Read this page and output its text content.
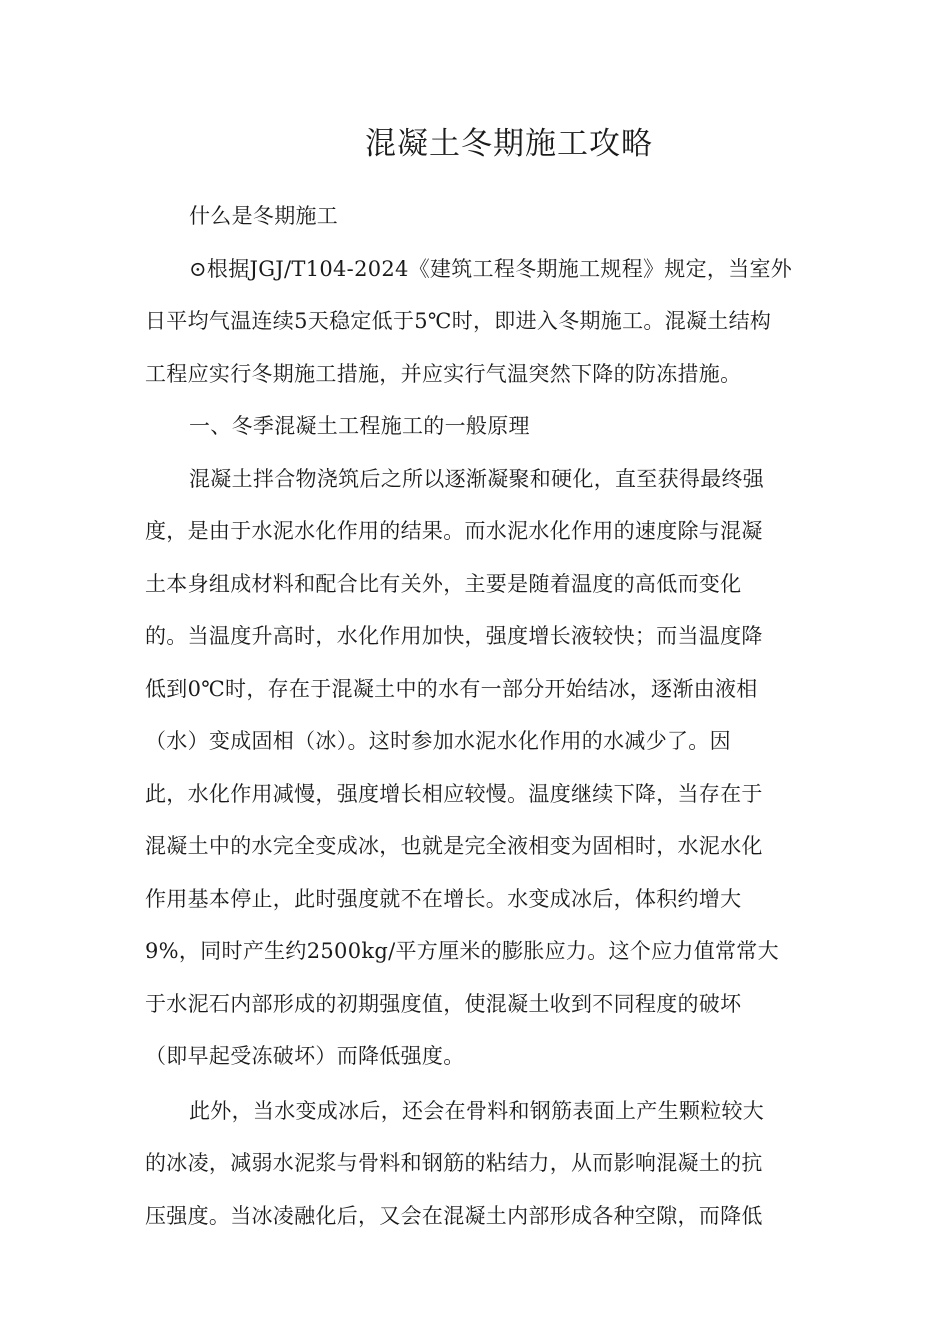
混凝土冬期施工攻略
什么是冬期施工
⊙根据JGJ/T104-2024《建筑工程冬期施工规程》规定，当室外
日平均气温连续5天稳定低于5℃时，即进入冬期施工。混凝土结构
工程应实行冬期施工措施，并应实行气温突然下降的防冻措施。
一、冬季混凝土工程施工的一般原理
混凝土拌合物浇筑后之所以逐渐凝聚和硬化，直至获得最终强
度，是由于水泥水化作用的结果。而水泥水化作用的速度除与混凝
土本身组成材料和配合比有关外，主要是随着温度的高低而变化
的。当温度升高时，水化作用加快，强度增长液较快；而当温度降
低到0℃时，存在于混凝土中的水有一部分开始结冰，逐渐由液相
（水）变成固相（冰）。这时参加水泥水化作用的水减少了。因
此，水化作用减慢，强度增长相应较慢。温度继续下降，当存在于
混凝土中的水完全变成冰，也就是完全液相变为固相时，水泥水化
作用基本停止，此时强度就不在增长。水变成冰后，体积约增大
9%，同时产生约2500kg/平方厘米的膨胀应力。这个应力值常常大
于水泥石内部形成的初期强度值，使混凝土收到不同程度的破坏
（即早起受冻破坏）而降低强度。
此外，当水变成冰后，还会在骨料和钢筋表面上产生颗粒较大
的冰凌，减弱水泥浆与骨料和钢筋的粘结力，从而影响混凝土的抗
压强度。当冰凌融化后，又会在混凝土内部形成各种空隙，而降低
